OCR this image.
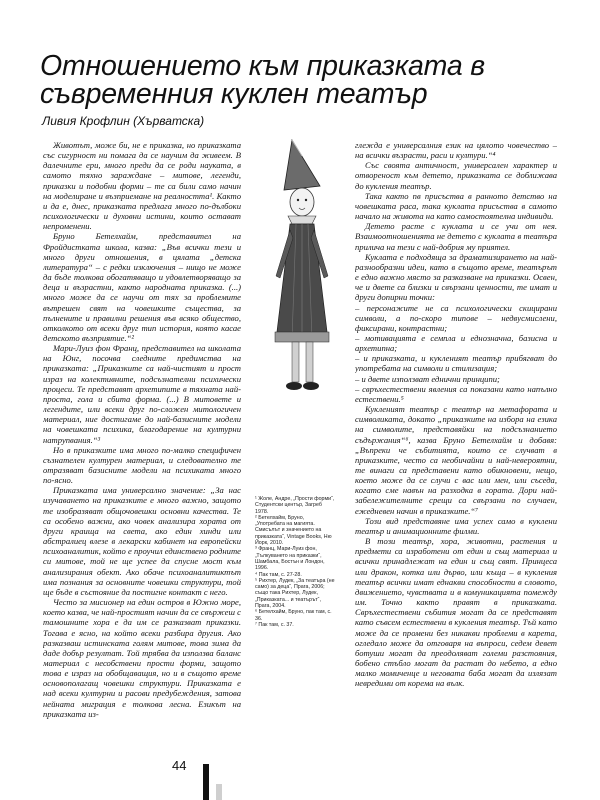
Отношението към приказката в съвременния куклен театър

Ливия Крофлин (Хърватска)

Животът, може би, не е приказка, но приказката със сигурност ни помага да се научим да живеем. В далечните ери, много преди да се роди науката, в самото тяхно зараждане – митове, легенди, приказки и подобни форми – те са били само начин на моделиране и възприемане на реалността¹. Както и да е, днес, приказката предлага много по-дълбоки психологически и духовни истини, които остават непроменени.

Бруно Бетелхайм, представител на Фройдистката школа, казва: „Във всички тези и много други отношения, в цялата „детска литература“ – с редки изключения – нищо не може да бъде толкова обогатяващо и удовлетворяващо за деца и възрастни, както народната приказка. (...) много може да се научи от тях за проблемите вътрешен свят на човешките същества, за пълнените и правилни решения във всяко общество, отколкото от всеки друг тип история, която касае детското възприятие.“²

Мари-Луиз фон Франц, представител на школата на Юнг, посочва следните предимства на приказката: „Приказките са най-чистият и прост израз на колективните, подсъзнателни психически процеси. Те представят архетипите в тяхната най-проста, гола и сбита форма. (...) В митовете и легендите, или всеки друг по-сложен митологичен материал, ние достигаме до най-базисните модели на човешката психика, благодарение на културни натрупвания.“³

Но в приказките има много по-малко специфичен съзнателен културен материал, и следователно те отразяват базисните модели на психиката много по-ясно.

Приказката има универсално значение: „За нас изучаването на приказките е много важно, защото те изобразяват общочовешки основни качества. Те са особено важни, ако човек анализира хората от други краища на света, ако един хинди или абстралиец влезе в лекарски кабинет на европейски психоаналитик, който е проучил единствено родните си митове, той не ще успее да спусне мост към анализирания обект. Ако обаче психоаналитиктът има познания за основните човешки структури, той ще бъде в състояние да постигне контакт с него.

Често за мисионер на един остров в Южно море, което казва, че най-простият начин да се свържеш с тамошните хора е да им се разказват приказки. Тогава е ясно, на който всеки разбира другия. Ако разказваш истинската голям митове, това зима да даде добър резултат. Той трябва да използва баланс материал с несобствени прости форми, защото това е израз на обобщаващия, но и в същото време основополагащ човешки структури. Приказката е над всеки културни и расови предубеждения, затова нейната миграция е толкова лесна. Езикът на приказката из-

¹ Жоле, Андре, „Прости форми“, Студентски център, Загреб 1978.

² Бетелхайм, Бруно, „Употребата на магията. Смисълът и значението на приказката“, Vintage Books, Ню Йорк, 2010.

³ Франц, Мари-Луиз фон, „Тълкуването на приказки“, Шамбала, Бостън и Лондон, 1996.

⁴ Пак там, с. 27-28.

⁵ Рихтер, Лудек, „За театъра (не само) за деца“, Прага, 2006; също така Рихтер, Лудек, „Приказката... и театърът“, Прага, 2004.

⁶ Бетелхайм, Бруно, пак там, с. 36.

⁷ Пак там, с. 37.

глежда е универсалния език на цялото човечество – на всички възрасти, раси и култури.“⁴

Със своята античност, универсален характер и отвореност към детето, приказката се доближава до кукления театър.

Така както пв присъства в ранното детство на човешката раса, така куклата присъства в самото начало на живота на като самостоятелна индивиди.

Детето расте с куклата и се учи от нея. Взаимоотношенията не детето с куклата в театъра прилича на тези с най-добрия му приятел.

Куклата е подходяща за драматизирането на най-разнообразни идеи, като в същото време, театърът е едно важно място за разказване на приказки. Освен, че и двете са близки и свързани ценности, те имат и други допирни точки:

– персонажите не са психологически скицирани символи, а по-скоро типове – недвусмислени, фиксирани, контрастни;

– мотивацията е семпла и еднозначна, базисна и архетипна;

– и приказката, и кукленият театър прибягват до употребата на символи и стилизация;

– и двете използват еднични принципи;

– свръхестествени явления са показани като напълно естествени.⁵

Кукленият театър с театър на метафората и символиката, докато „приказките на избора на езика на символите, представяйки на подсъзнанието съдържания“⁶, казва Бруно Бетелхайм и добавя: „Въпреки че събитията, които се случват в приказките, често са необичайни и най-невероятни, те винаги са представени като обикновени, нещо, което може да се случи с вас или мен, или съседа, когато сме навън на разходка в гората. Дори най-забележителните срещи са свързани по случаен, ежедневен начин в приказките.“⁷

Този вид представяне има успех само в куклени театър и анимационните филми.

В този театър, хора, животни, растения и предмети са изработени от един и същ материал и всички принадлежат на един и същ свят. Принцеса или дракон, котка или дърво, или къща – в кукления театър всички имат еднакви способности в словото, движението, чувствата и в комуникацията помежду им. Точно както правят в приказката. Свръхестествени събития могат да се представят като съвсем естествени в кукления театър. Тъй като може да се промени без никакви проблеми в карета, огледало може да отговаря на въпроси, седем девет ботуши могат да преодоляват големи разстояния, бобено стъбло могат да растат до небето, а едно малко момиченце и неговата баба могат да излязат невредими от корема на вълк.

44
